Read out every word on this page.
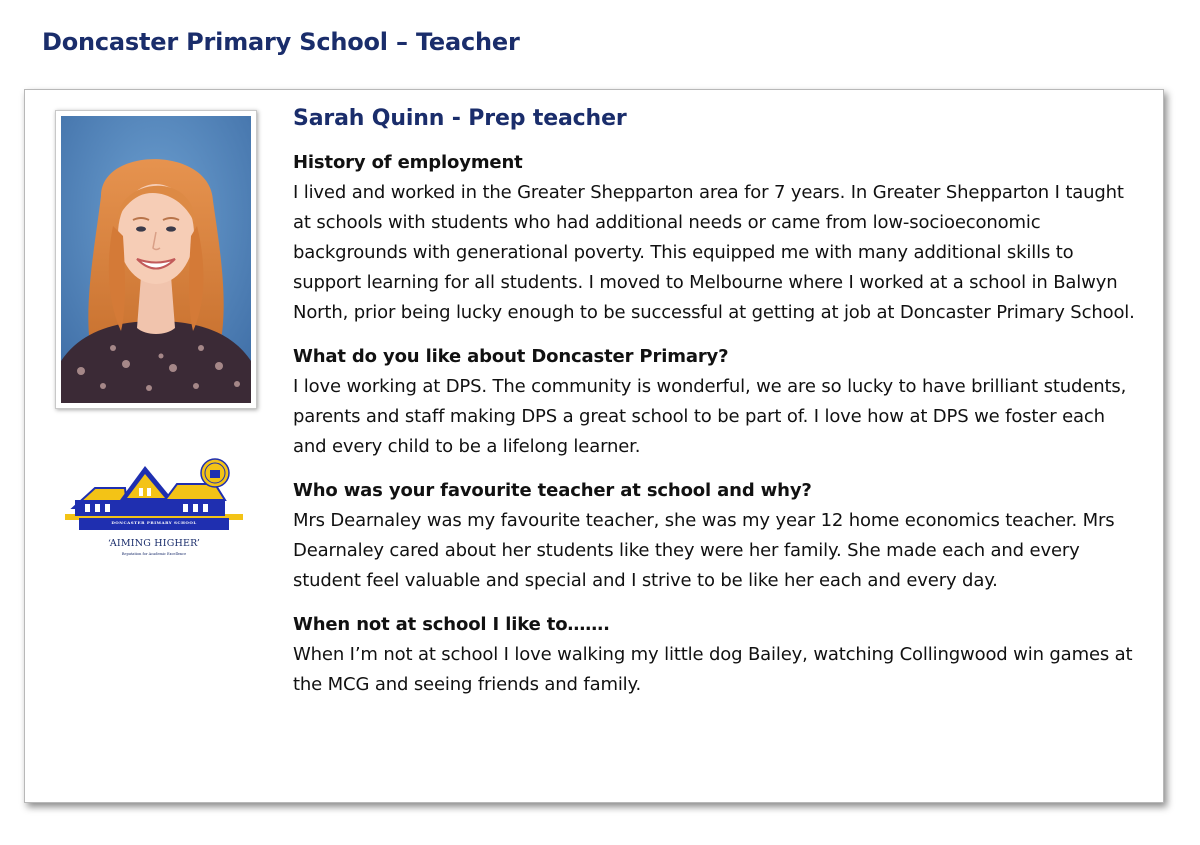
Doncaster Primary School – Teacher
DONCASTER PRIMARY SCHOOL
‘AIMING HIGHER’
Reputation for Academic Excellence
Sarah Quinn - Prep teacher

History of employment

I lived and worked in the Greater Shepparton area for 7 years. In Greater Shepparton I taught at schools with students who had additional needs or came from low-socioeconomic backgrounds with generational poverty. This equipped me with many additional skills to support learning for all students. I moved to Melbourne where I worked at a school in Balwyn North, prior being lucky enough to be successful at getting at job at Doncaster Primary School.

What do you like about Doncaster Primary?

I love working at DPS. The community is wonderful, we are so lucky to have brilliant students, parents and staff making DPS a great school to be part of. I love how at DPS we foster each and every child to be a lifelong learner.

Who was your favourite teacher at school and why?

Mrs Dearnaley was my favourite teacher, she was my year 12 home economics teacher. Mrs Dearnaley cared about her students like they were her family. She made each and every student feel valuable and special and I strive to be like her each and every day.

When not at school I like to…….

When I’m not at school I love walking my little dog Bailey, watching Collingwood win games at the MCG and seeing friends and family.
